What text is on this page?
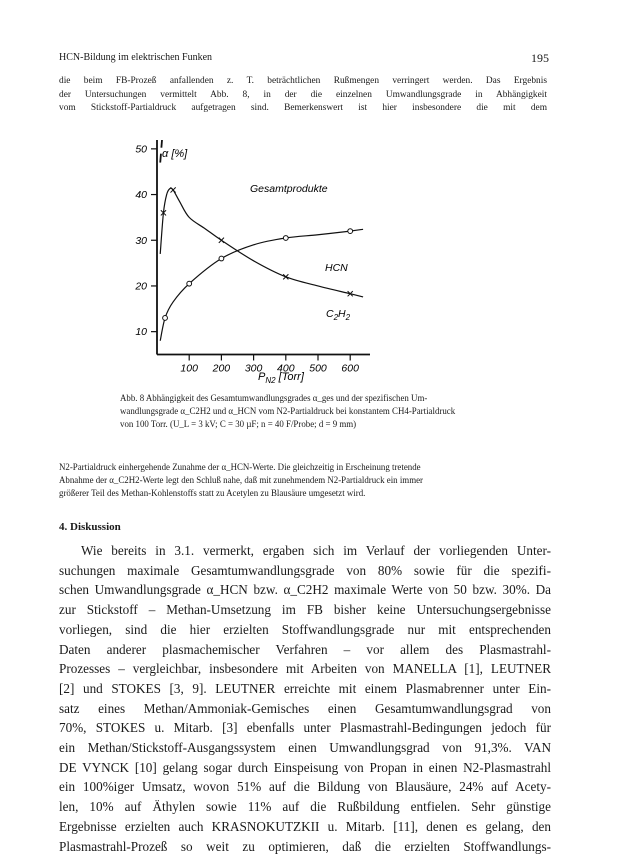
HCN-Bildung im elektrischen Funken	195
die beim FB-Prozeß anfallenden z. T. beträchtlichen Rußmengen verringert werden. Das Ergebnis
der Untersuchungen vermittelt Abb. 8, in der die einzelnen Umwandlungsgrade in Abhängigkeit
vom Stickstoff-Partialdruck aufgetragen sind. Bemerkenswert ist hier insbesondere die mit dem
10
20
30
40
50
100 200 300 400 500 600
α [%]
$P_{N2}$ [Torr]
Gesamtprodukte
HCN
$C_2H_2$
Abb. 8 Abhängigkeit des Gesamtumwandlungsgrades α_ges und der spezifischen Um-
wandlungsgrade α_C2H2 und α_HCN vom N2-Partialdruck bei konstantem CH4-Partialdruck
von 100 Torr. (U_L = 3 kV; C = 30 µF; n = 40 F/Probe; d = 9 mm)
N2-Partialdruck einhergehende Zunahme der α_HCN-Werte. Die gleichzeitig in Erscheinung tretende
Abnahme der α_C2H2-Werte legt den Schluß nahe, daß mit zunehmendem N2-Partialdruck ein immer
größerer Teil des Methan-Kohlenstoffs statt zu Acetylen zu Blausäure umgesetzt wird.
4. Diskussion
Wie bereits in 3.1. vermerkt, ergaben sich im Verlauf der vorliegenden Unter-
suchungen maximale Gesamtumwandlungsgrade von 80% sowie für die spezifi-
schen Umwandlungsgrade α_HCN bzw. α_C2H2 maximale Werte von 50 bzw. 30%. Da
zur Stickstoff – Methan-Umsetzung im FB bisher keine Untersuchungsergebnisse
vorliegen, sind die hier erzielten Stoffwandlungsgrade nur mit entsprechenden
Daten anderer plasmachemischer Verfahren – vor allem des Plasmastrahl-
Prozesses – vergleichbar, insbesondere mit Arbeiten von MANELLA [1], LEUTNER
[2] und STOKES [3, 9]. LEUTNER erreichte mit einem Plasmabrenner unter Ein-
satz eines Methan/Ammoniak-Gemisches einen Gesamtumwandlungsgrad von
70%, STOKES u. Mitarb. [3] ebenfalls unter Plasmastrahl-Bedingungen jedoch für
ein Methan/Stickstoff-Ausgangssystem einen Umwandlungsgrad von 91,3%. VAN
DE VYNCK [10] gelang sogar durch Einspeisung von Propan in einen N2-Plasmastrahl
ein 100%iger Umsatz, wovon 51% auf die Bildung von Blausäure, 24% auf Acety-
len, 10% auf Äthylen sowie 11% auf die Rußbildung entfielen. Sehr günstige
Ergebnisse erzielten auch KRASNOKUTZKII u. Mitarb. [11], denen es gelang, den
Plasmastrahl-Prozeß so weit zu optimieren, daß die erzielten Stoffwandlungs-
